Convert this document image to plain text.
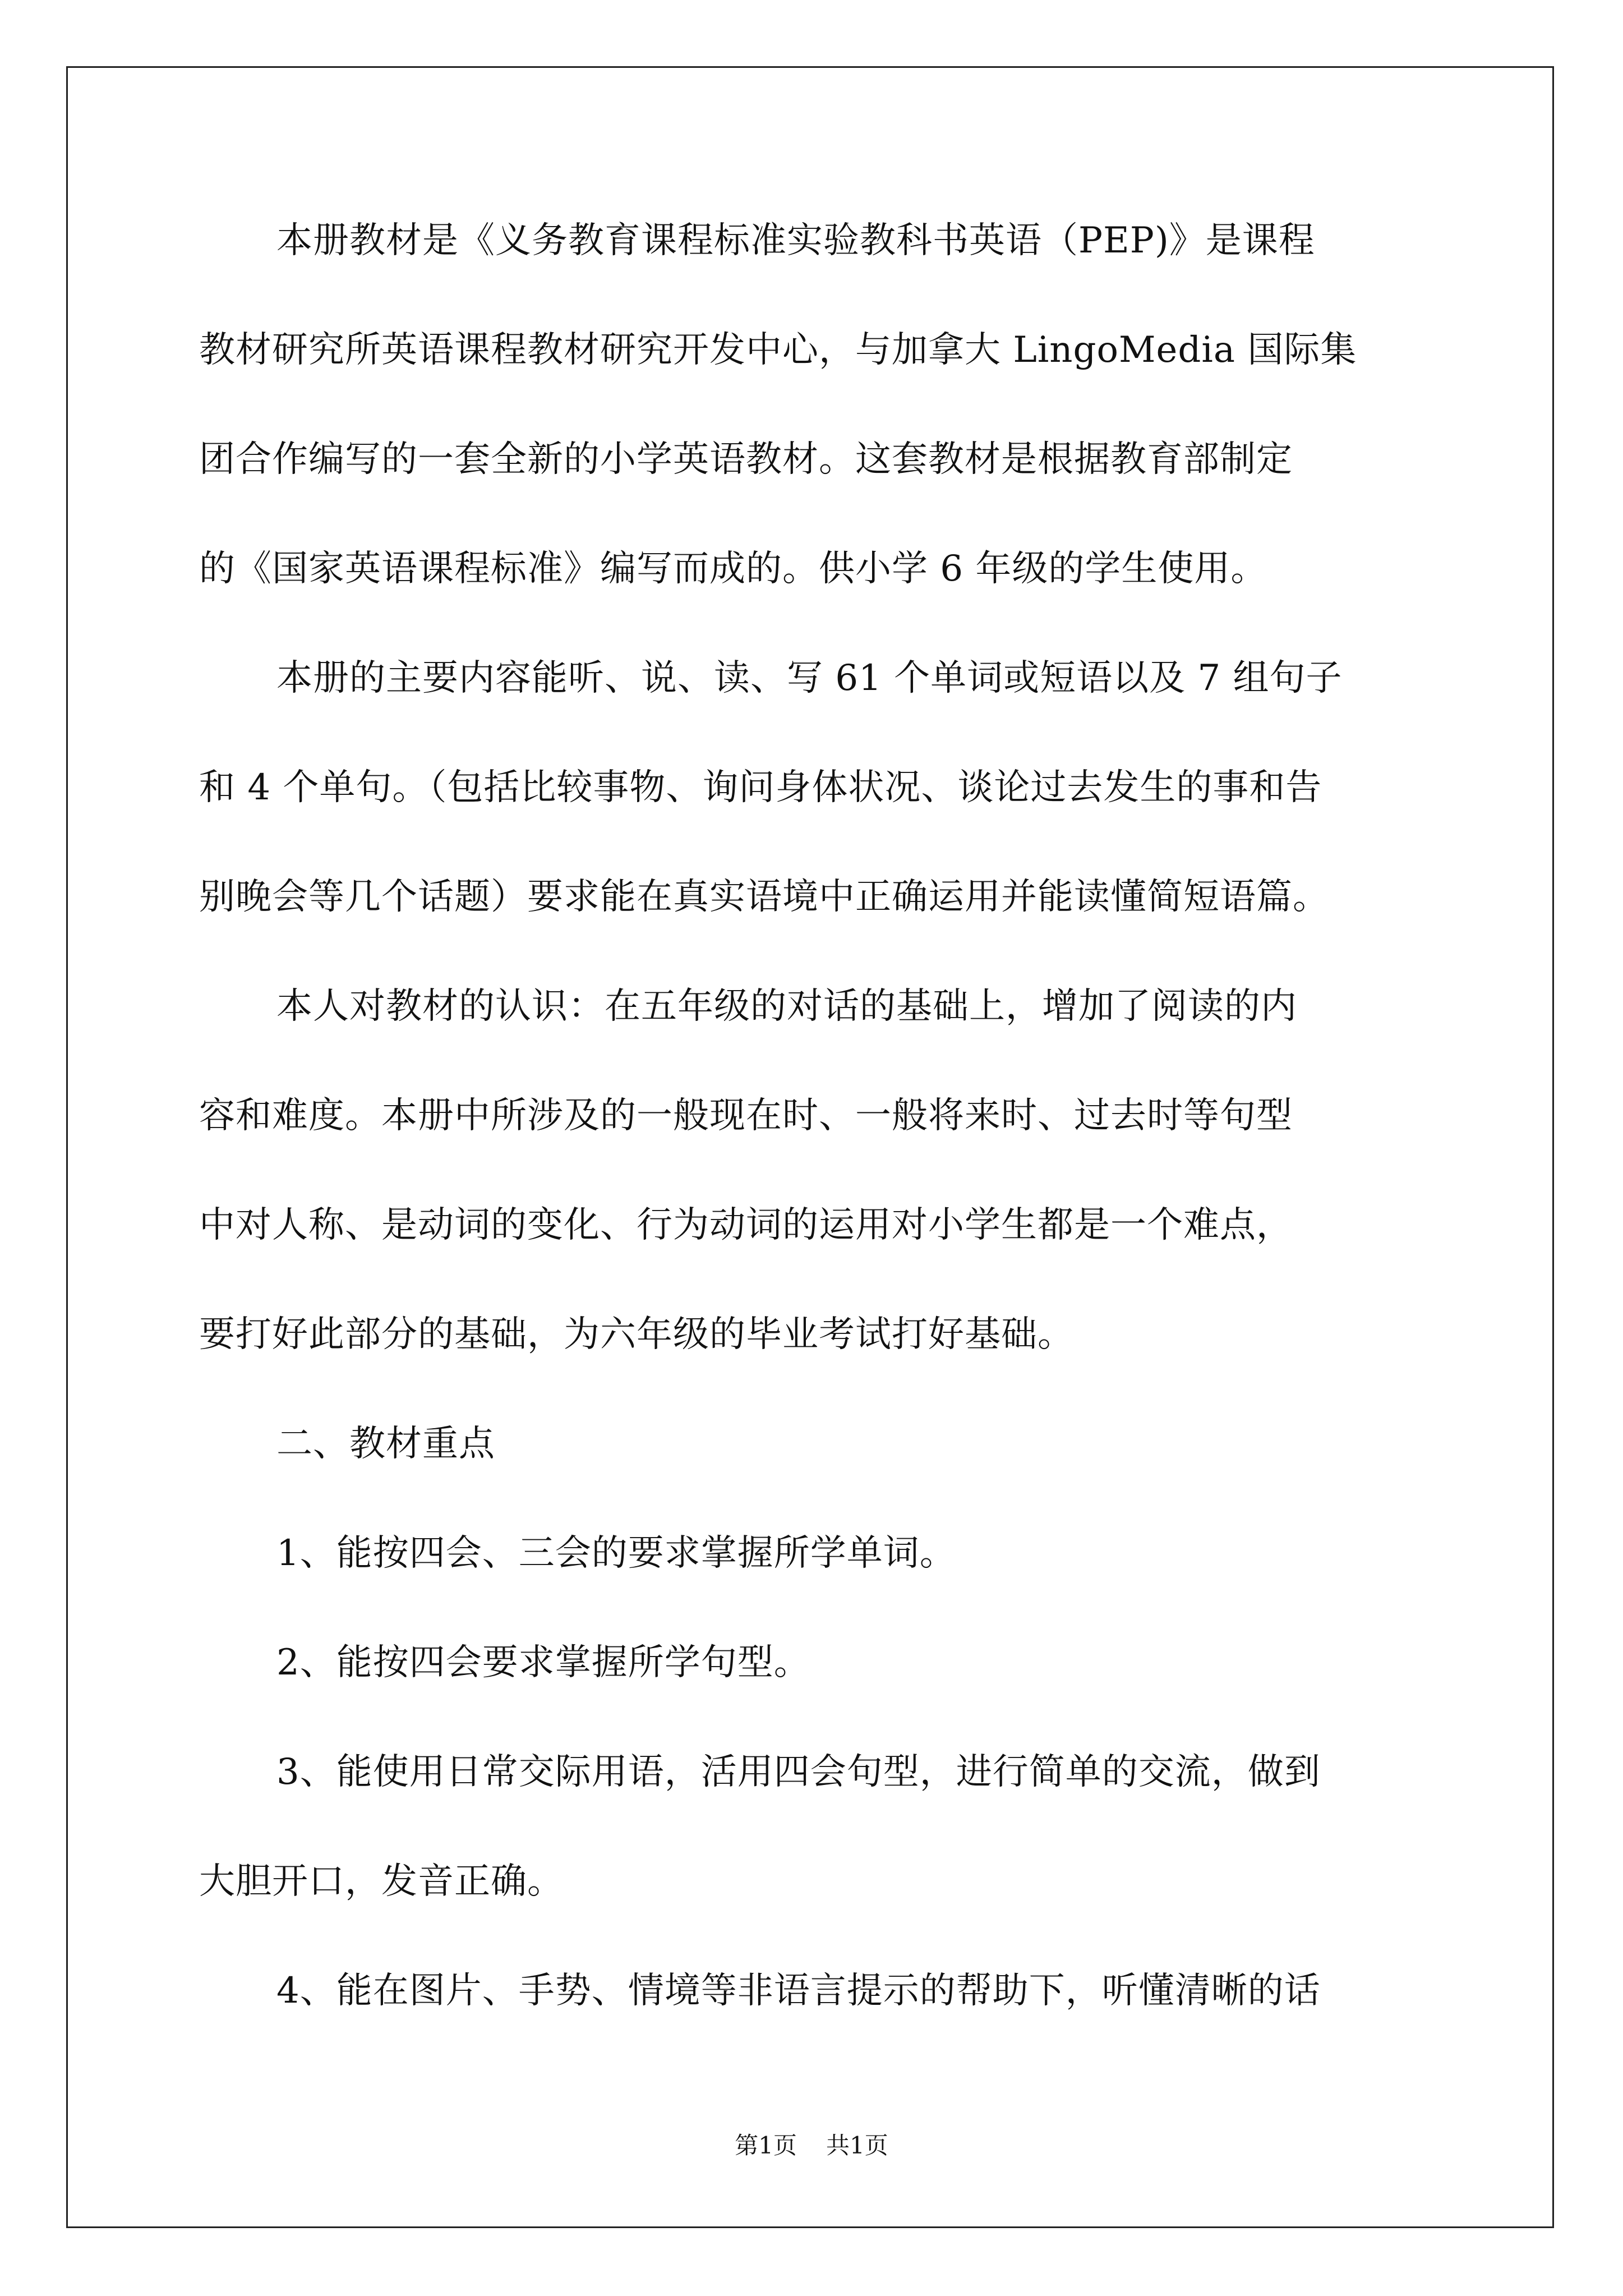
本册教材是《义务教育课程标准实验教科书英语（PEP)》是课程
教材研究所英语课程教材研究开发中心，与加拿大 LingoMedia 国际集
团合作编写的一套全新的小学英语教材。这套教材是根据教育部制定
的《国家英语课程标准》编写而成的。供小学 6 年级的学生使用。
本册的主要内容能听、说、读、写 61 个单词或短语以及 7 组句子
和 4 个单句。（包括比较事物、询问身体状况、谈论过去发生的事和告
别晚会等几个话题）要求能在真实语境中正确运用并能读懂简短语篇。
本人对教材的认识：在五年级的对话的基础上，增加了阅读的内
容和难度。本册中所涉及的一般现在时、一般将来时、过去时等句型
中对人称、是动词的变化、行为动词的运用对小学生都是一个难点，
要打好此部分的基础，为六年级的毕业考试打好基础。
二、教材重点
1、能按四会、三会的要求掌握所学单词。
2、能按四会要求掌握所学句型。
3、能使用日常交际用语，活用四会句型，进行简单的交流，做到
大胆开口，发音正确。
4、能在图片、手势、情境等非语言提示的帮助下，听懂清晰的话
第1页 共1页
